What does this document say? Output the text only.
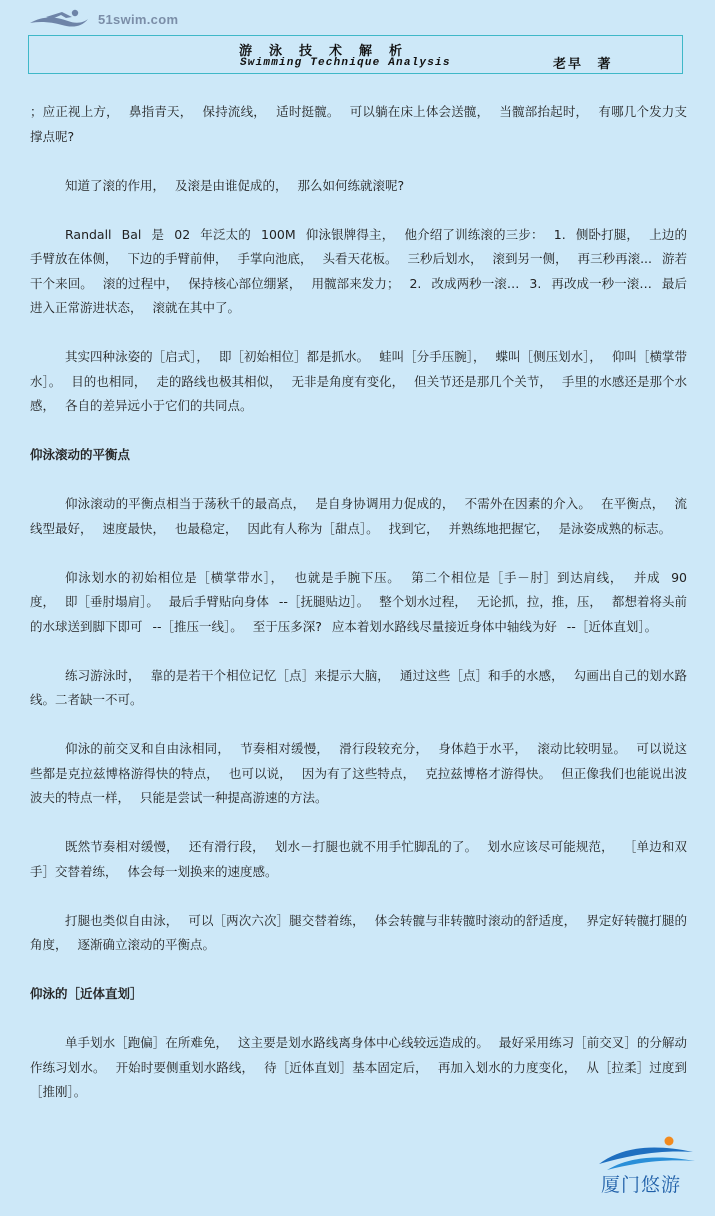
51swim.com
游泳技术解析
Swimming Technique Analysis	老早 著

；应正视上方， 鼻指青天， 保持流线， 适时挺髋。 可以躺在床上体会送髋， 当髋部抬起时， 有哪几个发力支撑点呢?

知道了滚的作用， 及滚是由谁促成的， 那么如何练就滚呢?

Randall Bal 是 02 年泛太的 100M 仰泳银牌得主， 他介绍了训练滚的三步： 1. 侧卧打腿， 上边的手臂放在体侧， 下边的手臂前伸， 手掌向池底， 头看天花板。 三秒后划水， 滚到另一侧， 再三秒再滚... 游若干个来回。 滚的过程中， 保持核心部位绷紧， 用髋部来发力； 2. 改成两秒一滚… 3. 再改成一秒一滚… 最后进入正常游进状态， 滚就在其中了。

其实四种泳姿的［启式］， 即［初始相位］都是抓水。 蛙叫［分手压腕］， 蝶叫［侧压划水］， 仰叫［横掌带水］。 目的也相同， 走的路线也极其相似， 无非是角度有变化， 但关节还是那几个关节， 手里的水感还是那个水感， 各自的差异远小于它们的共同点。

仰泳滚动的平衡点

仰泳滚动的平衡点相当于荡秋千的最高点， 是自身协调用力促成的， 不需外在因素的介入。 在平衡点， 流线型最好， 速度最快， 也最稳定， 因此有人称为［甜点］。 找到它， 并熟练地把握它， 是泳姿成熟的标志。

仰泳划水的初始相位是［横掌带水］， 也就是手腕下压。 第二个相位是［手－肘］到达肩线， 并成 90 度， 即［垂肘塌肩］。 最后手臂贴向身体 --［抚腿贴边］。 整个划水过程， 无论抓，拉，推，压， 都想着将头前的水球送到脚下即可 --［推压一线］。 至于压多深? 应本着划水路线尽量接近身体中轴线为好 --［近体直划］。

练习游泳时， 靠的是若干个相位记忆［点］来提示大脑， 通过这些［点］和手的水感， 勾画出自己的划水路线。二者缺一不可。

仰泳的前交叉和自由泳相同， 节奏相对缓慢， 滑行段较充分， 身体趋于水平， 滚动比较明显。 可以说这些都是克拉兹博格游得快的特点， 也可以说， 因为有了这些特点， 克拉兹博格才游得快。 但正像我们也能说出波波夫的特点一样， 只能是尝试一种提高游速的方法。

既然节奏相对缓慢， 还有滑行段， 划水－打腿也就不用手忙脚乱的了。 划水应该尽可能规范， ［单边和双手］交替着练， 体会每一划换来的速度感。

打腿也类似自由泳， 可以［两次六次］腿交替着练， 体会转髋与非转髋时滚动的舒适度， 界定好转髋打腿的角度， 逐渐确立滚动的平衡点。

仰泳的［近体直划］

单手划水［跑偏］在所难免， 这主要是划水路线离身体中心线较远造成的。 最好采用练习［前交叉］的分解动作练习划水。 开始时要侧重划水路线， 待［近体直划］基本固定后， 再加入划水的力度变化， 从［拉柔］过度到［推刚］。

厦门悠游
